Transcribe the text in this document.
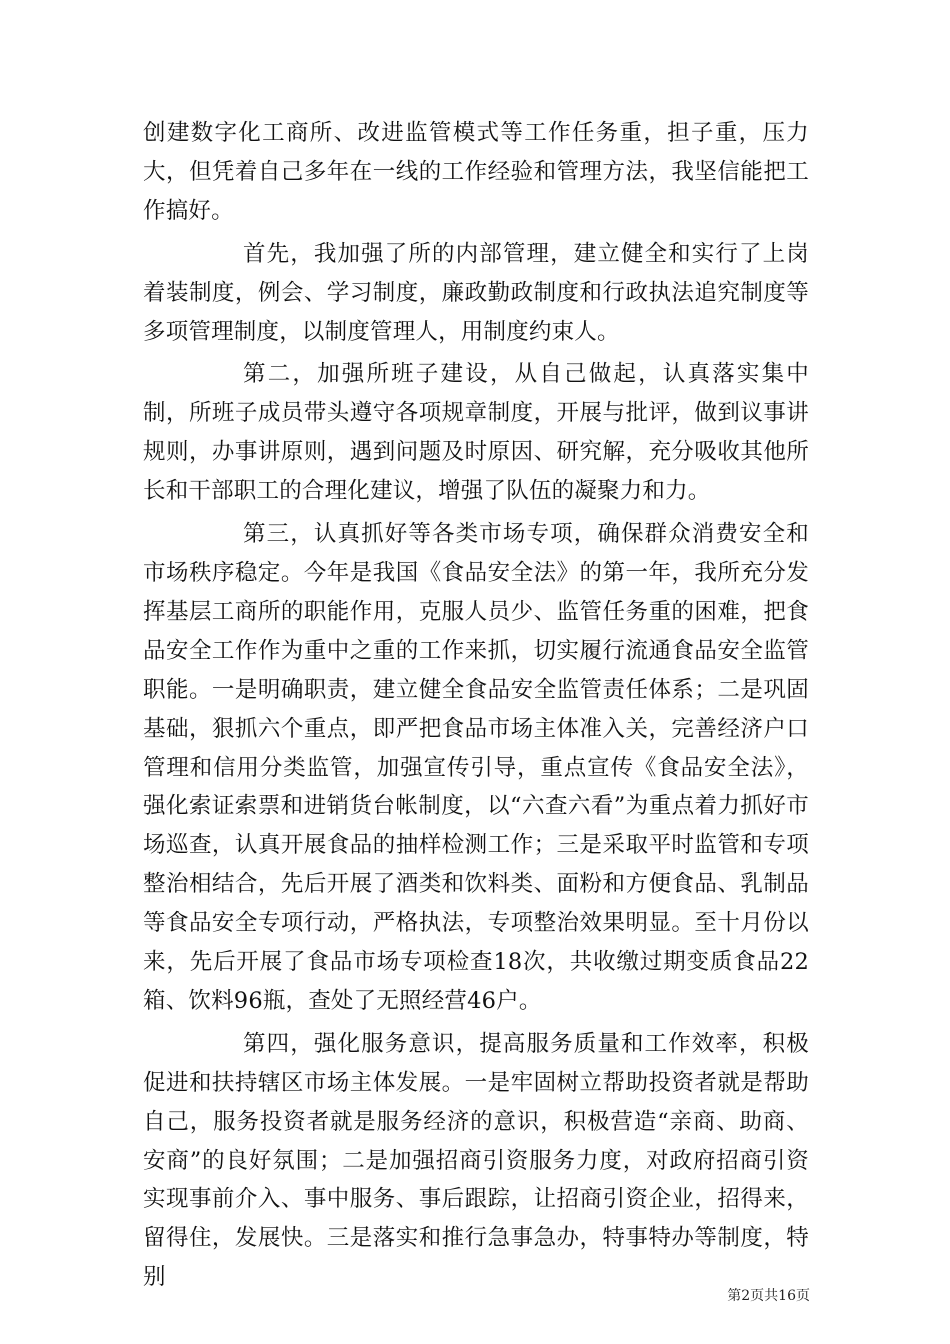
创建数字化工商所、改进监管模式等工作任务重，担子重，压力大，但凭着自己多年在一线的工作经验和管理方法，我坚信能把工作搞好。

首先，我加强了所的内部管理，建立健全和实行了上岗着装制度，例会、学习制度，廉政勤政制度和行政执法追究制度等多项管理制度，以制度管理人，用制度约束人。

第二，加强所班子建设，从自己做起，认真落实集中制，所班子成员带头遵守各项规章制度，开展与批评，做到议事讲规则，办事讲原则，遇到问题及时原因、研究解，充分吸收其他所长和干部职工的合理化建议，增强了队伍的凝聚力和力。

第三，认真抓好等各类市场专项，确保群众消费安全和市场秩序稳定。今年是我国《食品安全法》的第一年，我所充分发挥基层工商所的职能作用，克服人员少、监管任务重的困难，把食品安全工作作为重中之重的工作来抓，切实履行流通食品安全监管职能。一是明确职责，建立健全食品安全监管责任体系；二是巩固基础，狠抓六个重点，即严把食品市场主体准入关，完善经济户口管理和信用分类监管，加强宣传引导，重点宣传《食品安全法》，强化索证索票和进销货台帐制度，以“六查六看”为重点着力抓好市场巡查，认真开展食品的抽样检测工作；三是采取平时监管和专项整治相结合，先后开展了酒类和饮料类、面粉和方便食品、乳制品等食品安全专项行动，严格执法，专项整治效果明显。至十月份以来，先后开展了食品市场专项检查18次，共收缴过期变质食品22箱、饮料96瓶，查处了无照经营46户。

第四，强化服务意识，提高服务质量和工作效率，积极促进和扶持辖区市场主体发展。一是牢固树立帮助投资者就是帮助自己，服务投资者就是服务经济的意识，积极营造“亲商、助商、安商”的良好氛围；二是加强招商引资服务力度，对政府招商引资实现事前介入、事中服务、事后跟踪，让招商引资企业，招得来，留得住，发展快。三是落实和推行急事急办，特事特办等制度，特别

第2页共16页
